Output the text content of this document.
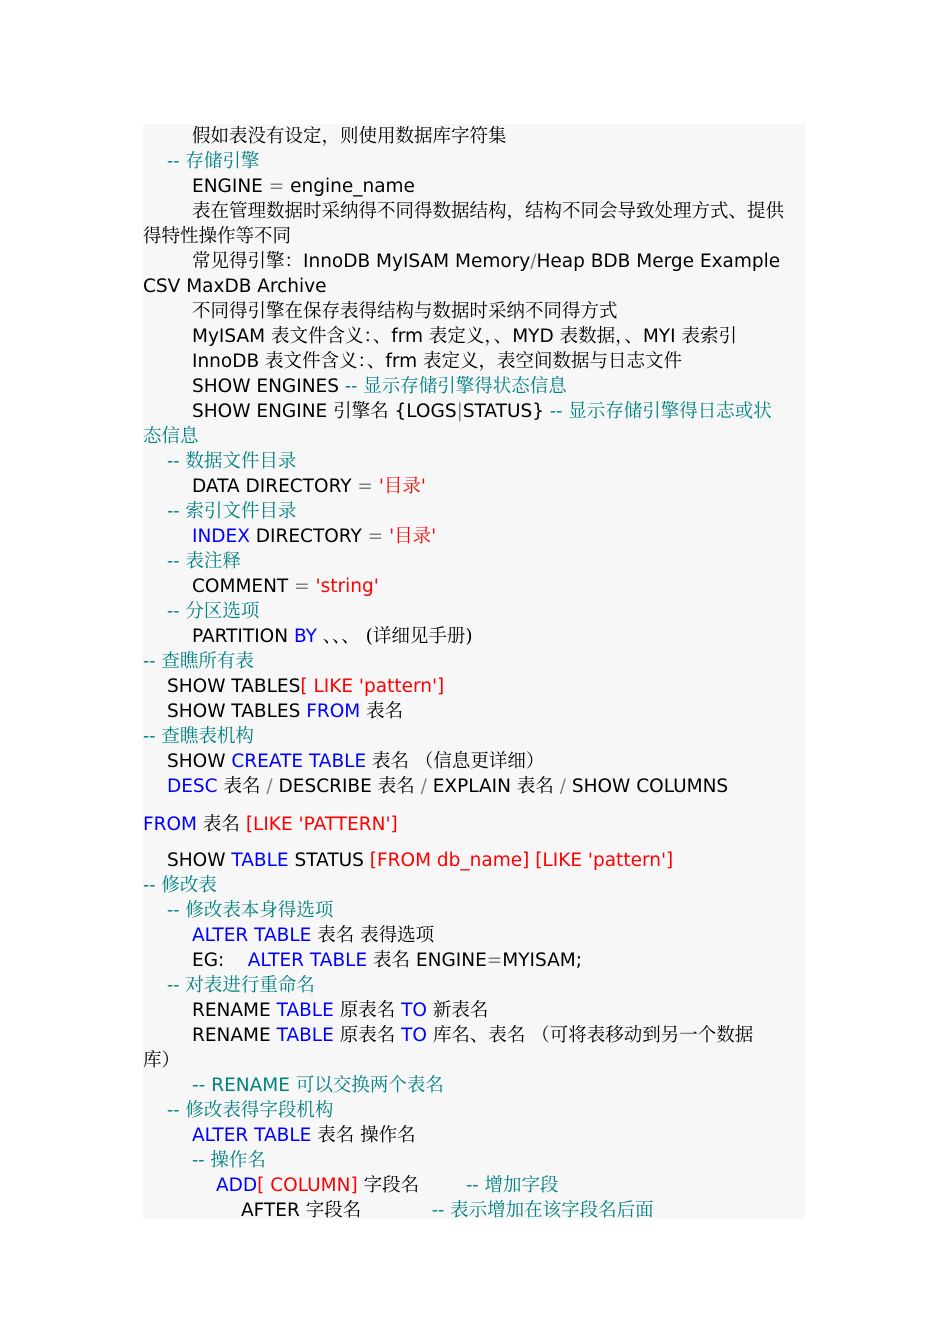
假如表没有设定，则使用数据库字符集
-- 存储引擎
ENGINE = engine_name
表在管理数据时采纳得不同得数据结构，结构不同会导致处理方式、提供
得特性操作等不同
常见得引擎：InnoDB MyISAM Memory/Heap BDB Merge Example
CSV MaxDB Archive
不同得引擎在保存表得结构与数据时采纳不同得方式
MyISAM 表文件含义：、frm 表定义，、MYD 表数据，、MYI 表索引
InnoDB 表文件含义：、frm 表定义，表空间数据与日志文件
SHOW ENGINES -- 显示存储引擎得状态信息
SHOW ENGINE 引擎名 {LOGS|STATUS} -- 显示存储引擎得日志或状
态信息
-- 数据文件目录
DATA DIRECTORY = '目录'
-- 索引文件目录
INDEX DIRECTORY = '目录'
-- 表注释
COMMENT = 'string'
-- 分区选项
PARTITION BY 、、、 (详细见手册)
-- 查瞧所有表
SHOW TABLES[ LIKE 'pattern']
SHOW TABLES FROM 表名
-- 查瞧表机构
SHOW CREATE TABLE 表名 （信息更详细）
DESC 表名 / DESCRIBE 表名 / EXPLAIN 表名 / SHOW COLUMNS
FROM 表名 [LIKE 'PATTERN']
SHOW TABLE STATUS [FROM db_name] [LIKE 'pattern']
-- 修改表
-- 修改表本身得选项
ALTER TABLE 表名 表得选项
EG:    ALTER TABLE 表名 ENGINE=MYISAM;
-- 对表进行重命名
RENAME TABLE 原表名 TO 新表名
RENAME TABLE 原表名 TO 库名、表名 （可将表移动到另一个数据
库）
-- RENAME 可以交换两个表名
-- 修改表得字段机构
ALTER TABLE 表名 操作名
-- 操作名
ADD[ COLUMN] 字段名	-- 增加字段
AFTER 字段名	-- 表示增加在该字段名后面
